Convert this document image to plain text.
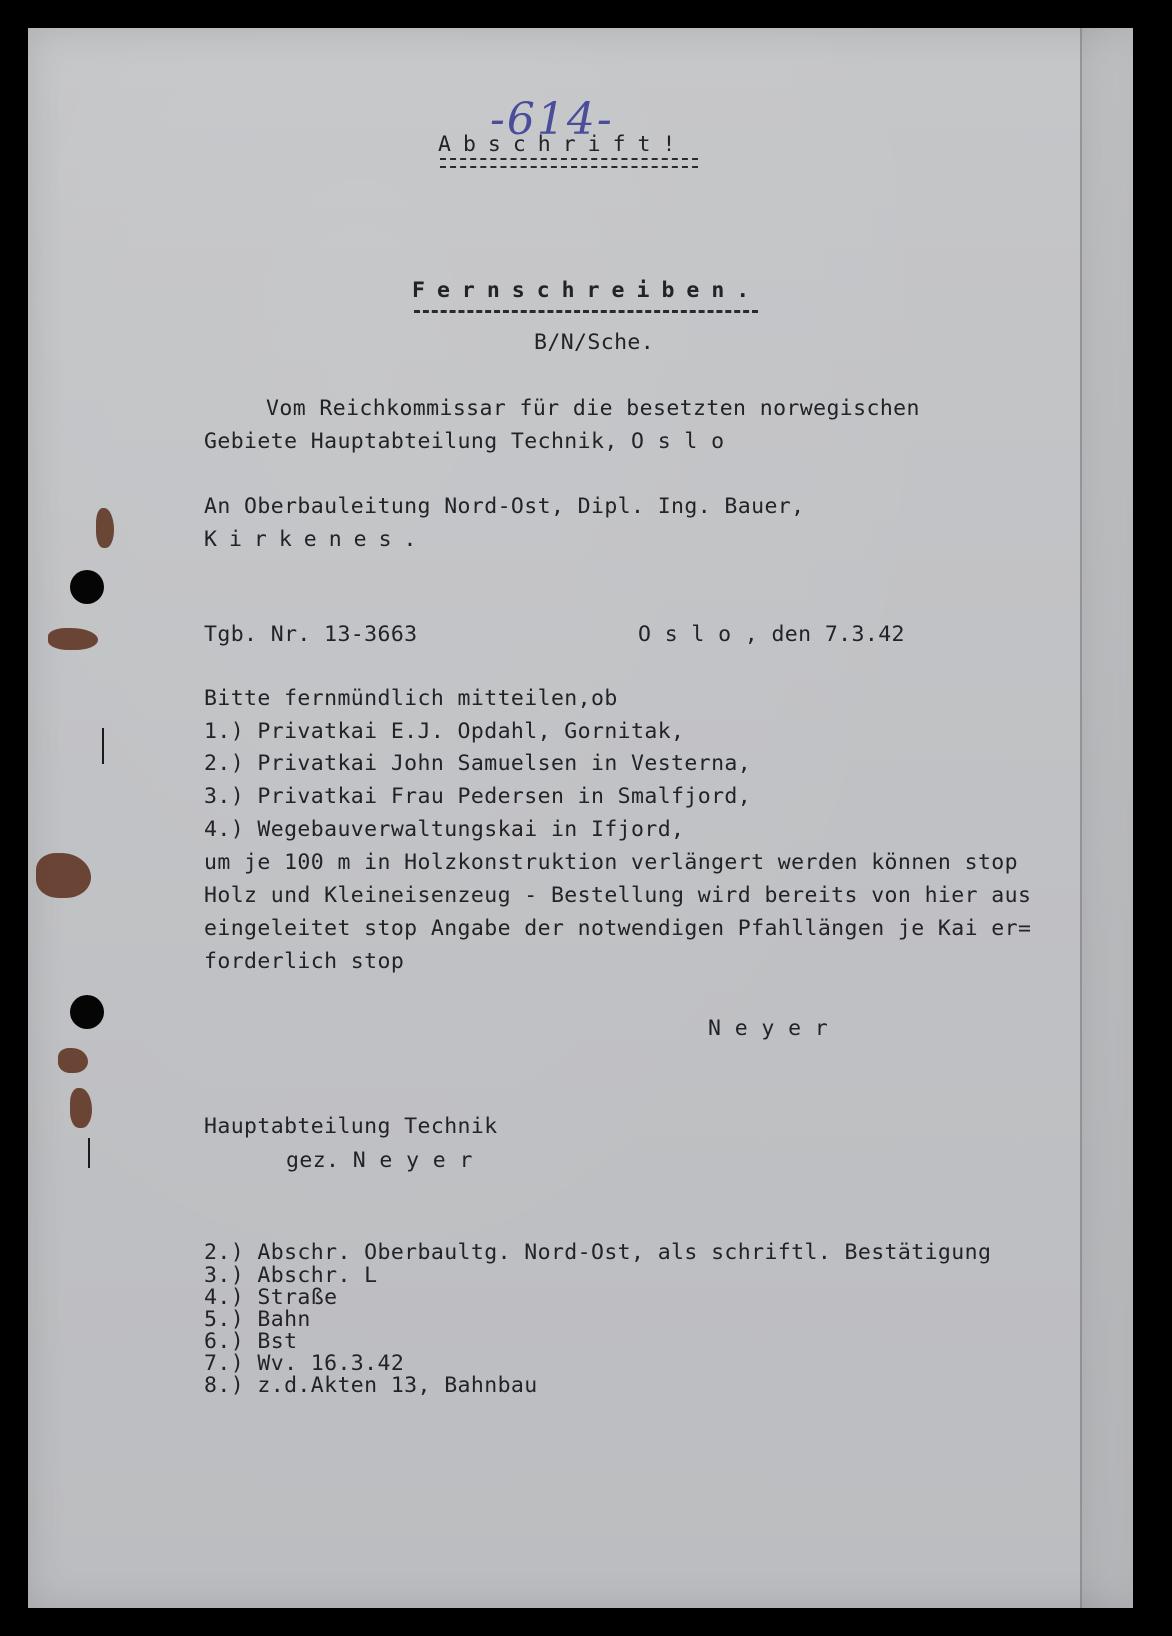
-614-

Abschrift!

Fernschreiben.

B/N/Sche.

Vom Reichkommissar für die besetzten norwegischen

Gebiete Hauptabteilung Technik, O s l o

An Oberbauleitung Nord-Ost, Dipl. Ing. Bauer,

Kirkenes.

Tgb. Nr. 13-3663	O s l o , den 7.3.42

Bitte fernmündlich mitteilen,ob

1.) Privatkai E.J. Opdahl, Gornitak,

2.) Privatkai John Samuelsen in Vesterna,

3.) Privatkai Frau Pedersen in Smalfjord,

4.) Wegebauverwaltungskai in Ifjord,

um je 100 m in Holzkonstruktion verlängert werden können stop

Holz und Kleineisenzeug - Bestellung wird bereits von hier aus

eingeleitet stop Angabe der notwendigen Pfahllängen je Kai er=

forderlich stop

N e y e r

Hauptabteilung Technik

gez. N e y e r

2.) Abschr. Oberbaultg. Nord-Ost, als schriftl. Bestätigung

3.) Abschr. L

4.) Straße

5.) Bahn

6.) Bst

7.) Wv. 16.3.42

8.) z.d.Akten 13, Bahnbau
